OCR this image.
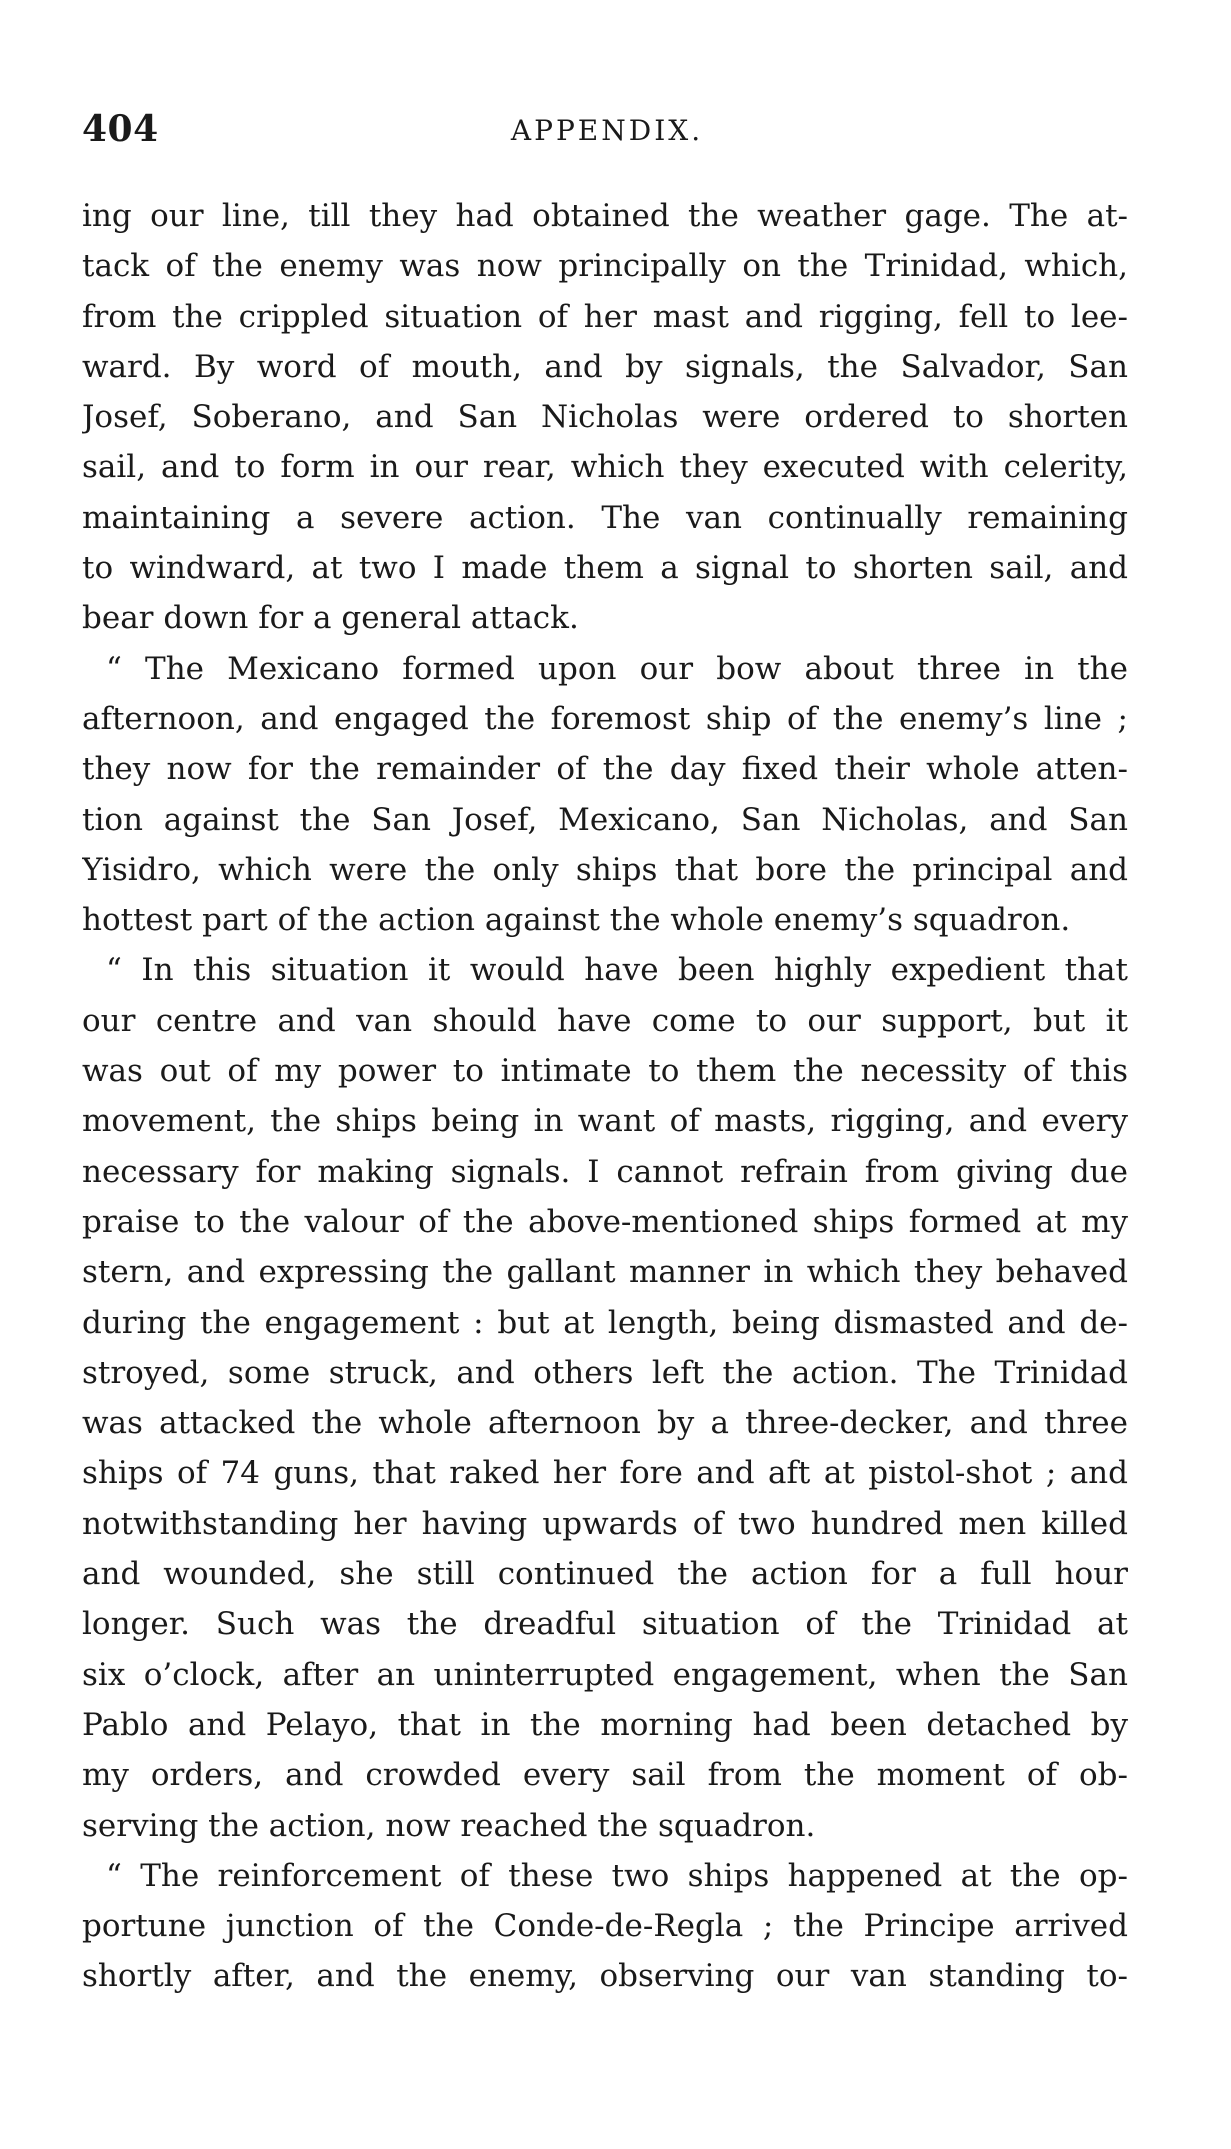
404	APPENDIX.
ing our line, till they had obtained the weather gage. The at-
tack of the enemy was now principally on the Trinidad, which,
from the crippled situation of her mast and rigging, fell to lee-
ward. By word of mouth, and by signals, the Salvador, San
Josef, Soberano, and San Nicholas were ordered to shorten
sail, and to form in our rear, which they executed with celerity,
maintaining a severe action. The van continually remaining
to windward, at two I made them a signal to shorten sail, and
bear down for a general attack.
“ The Mexicano formed upon our bow about three in the
afternoon, and engaged the foremost ship of the enemy’s line ;
they now for the remainder of the day fixed their whole atten-
tion against the San Josef, Mexicano, San Nicholas, and San
Yisidro, which were the only ships that bore the principal and
hottest part of the action against the whole enemy’s squadron.
“ In this situation it would have been highly expedient that
our centre and van should have come to our support, but it
was out of my power to intimate to them the necessity of this
movement, the ships being in want of masts, rigging, and every
necessary for making signals. I cannot refrain from giving due
praise to the valour of the above-mentioned ships formed at my
stern, and expressing the gallant manner in which they behaved
during the engagement : but at length, being dismasted and de-
stroyed, some struck, and others left the action. The Trinidad
was attacked the whole afternoon by a three-decker, and three
ships of 74 guns, that raked her fore and aft at pistol-shot ; and
notwithstanding her having upwards of two hundred men killed
and wounded, she still continued the action for a full hour
longer. Such was the dreadful situation of the Trinidad at
six o’clock, after an uninterrupted engagement, when the San
Pablo and Pelayo, that in the morning had been detached by
my orders, and crowded every sail from the moment of ob-
serving the action, now reached the squadron.
“ The reinforcement of these two ships happened at the op-
portune junction of the Conde-de-Regla ; the Principe arrived
shortly after, and the enemy, observing our van standing to-
